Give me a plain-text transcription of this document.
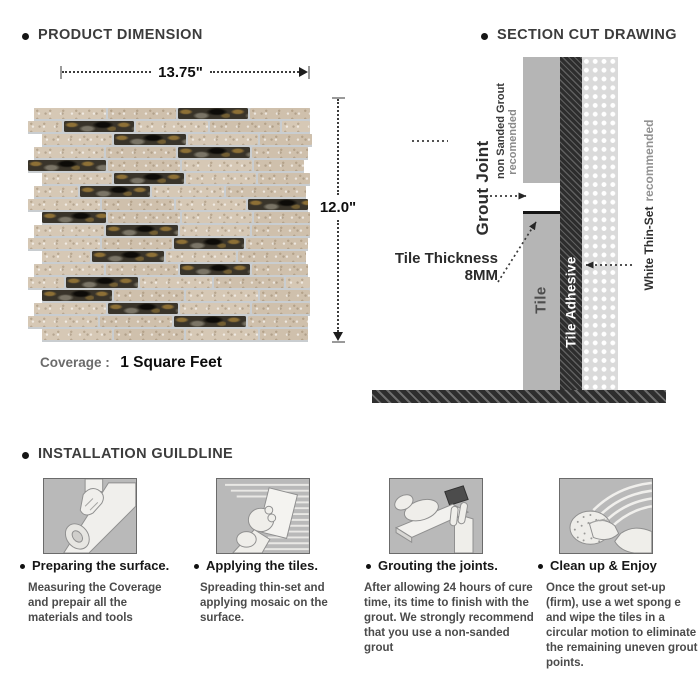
PRODUCT DIMENSION
13.75"
12.0"
Coverage : 1 Square Feet
SECTION CUT DRAWING
Grout Joint
non Sanded Grout recomended
Tile Tile Adhesive
White Thin-Setrecommended
Tile Thickness
8MM
INSTALLATION GUILDLINE
Preparing the surface.	Applying the tiles.	Grouting the joints.	Clean up & Enjoy
Measuring the Coverage and prepair all the materials and tools
Spreading thin-set and applying mosaic on the surface.
After allowing 24 hours of cure time, its time to finish with the grout. We strongly recommend that you use a non-sanded grout
Once the grout set-up (firm), use a wet spong e and wipe the tiles in a circular motion to eliminate the remaining uneven grout points.
